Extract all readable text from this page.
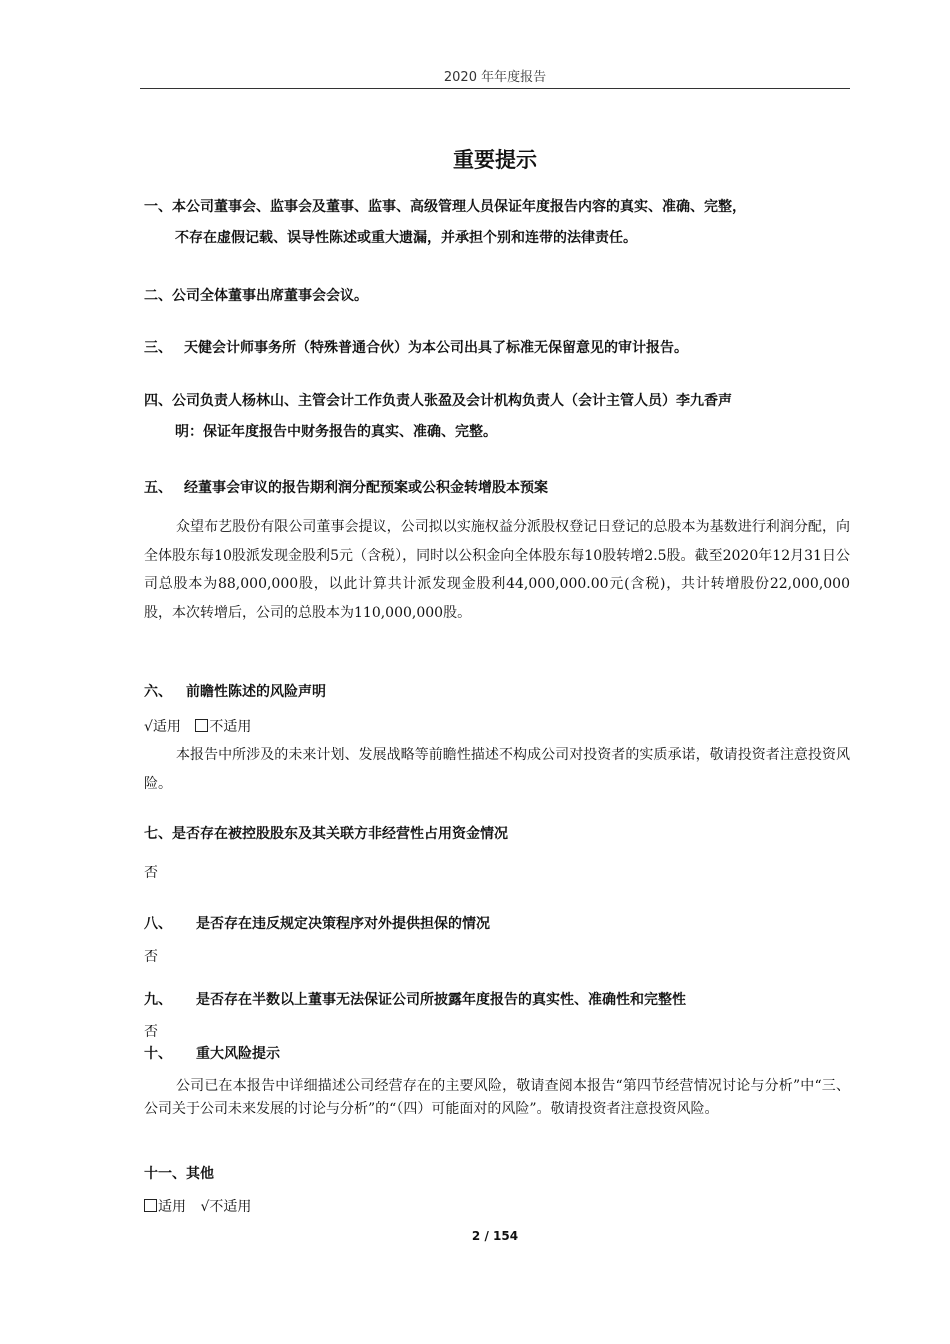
2020 年年度报告
重要提示
一、本公司董事会、监事会及董事、监事、高级管理人员保证年度报告内容的真实、准确、完整，
不存在虚假记载、误导性陈述或重大遗漏，并承担个别和连带的法律责任。
二、公司全体董事出席董事会会议。
三、 天健会计师事务所（特殊普通合伙）为本公司出具了标准无保留意见的审计报告。
四、公司负责人杨林山、主管会计工作负责人张盈及会计机构负责人（会计主管人员）李九香声
明：保证年度报告中财务报告的真实、准确、完整。
五、 经董事会审议的报告期利润分配预案或公积金转增股本预案
众望布艺股份有限公司董事会提议，公司拟以实施权益分派股权登记日登记的总股本为基数进行利润分配，向全体股东每10股派发现金股利5元（含税），同时以公积金向全体股东每10股转增2.5股。截至2020年12月31日公司总股本为88,000,000股，以此计算共计派发现金股利44,000,000.00元(含税)，共计转增股份22,000,000股，本次转增后，公司的总股本为110,000,000股。
六、 前瞻性陈述的风险声明
√适用 不适用
本报告中所涉及的未来计划、发展战略等前瞻性描述不构成公司对投资者的实质承诺，敬请投资者注意投资风险。
七、是否存在被控股股东及其关联方非经营性占用资金情况
否
八、 是否存在违反规定决策程序对外提供担保的情况
否
九、 是否存在半数以上董事无法保证公司所披露年度报告的真实性、准确性和完整性
否
十、 重大风险提示
公司已在本报告中详细描述公司经营存在的主要风险，敬请查阅本报告“第四节经营情况讨论与分析”中“三、公司关于公司未来发展的讨论与分析”的“（四）可能面对的风险”。敬请投资者注意投资风险。
十一、其他
适用 √不适用
2 / 154
